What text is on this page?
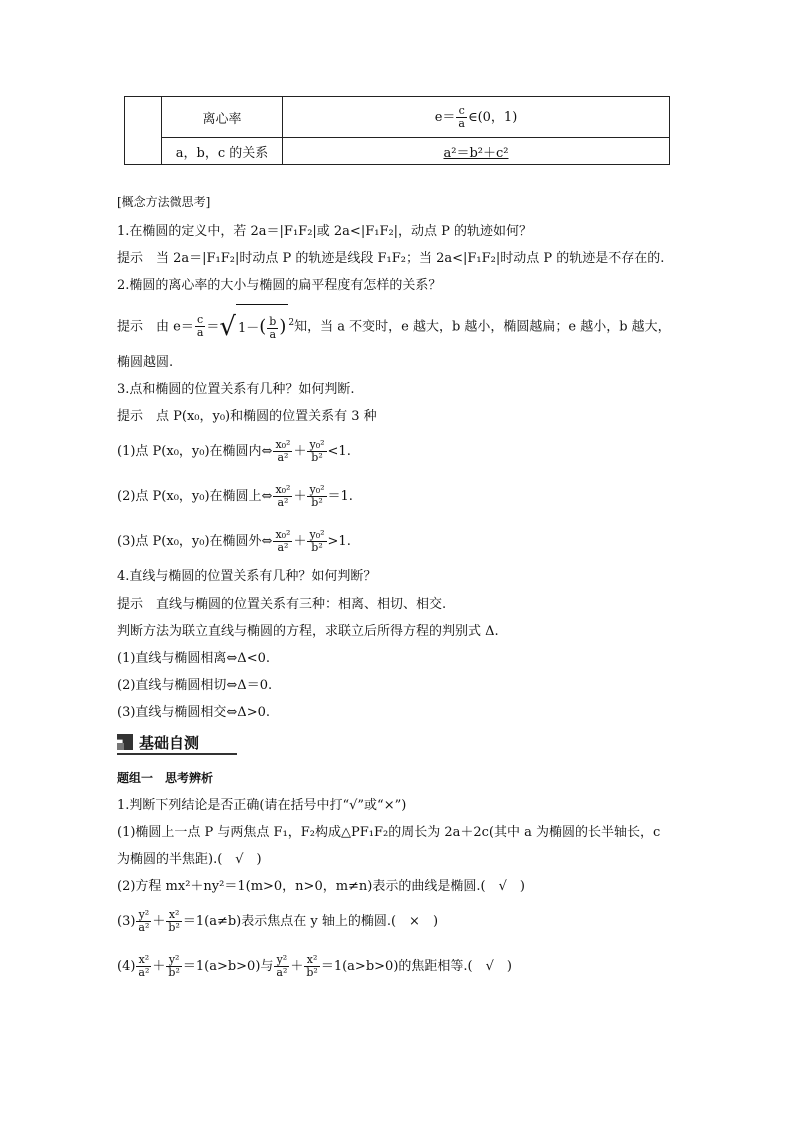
	离心率	$e= \frac{c}{a}$ ∈(0，1)
	a，b，c 的关系	a²＝b²＋c²
[概念方法微思考]
1.在椭圆的定义中，若 2a＝|F₁F₂|或 2a<|F₁F₂|，动点 P 的轨迹如何？
提示　当 2a＝|F₁F₂|时动点 P 的轨迹是线段 F₁F₂；当 2a<|F₁F₂|时动点 P 的轨迹是不存在的.
2.椭圆的离心率的大小与椭圆的扁平程度有怎样的关系？
提示　由 $e= \frac{c}{a}$ ＝√ $1-( \frac{b}{a}$ ) $^2$知，当 a 不变时，e 越大，b 越小，椭圆越扁；e 越小，b 越大，
椭圆越圆.
3.点和椭圆的位置关系有几种？如何判断.
提示　点 P(x₀，y₀)和椭圆的位置关系有 3 种
(1)点 P(x₀，y₀)在椭圆内⇔ $\frac{\text{x₀²}}{\text{a²}} + \frac{\text{y₀²}}{\text{b²}} <1$.
(2)点 P(x₀，y₀)在椭圆上⇔ $\frac{\text{x₀²}}{\text{a²}} + \frac{\text{y₀²}}{\text{b²}} =1$.
(3)点 P(x₀，y₀)在椭圆外⇔ $\frac{\text{x₀²}}{\text{a²}} + \frac{\text{y₀²}}{\text{b²}} >1$.
4.直线与椭圆的位置关系有几种？如何判断？
提示　直线与椭圆的位置关系有三种：相离、相切、相交.
判断方法为联立直线与椭圆的方程，求联立后所得方程的判别式 Δ.
(1)直线与椭圆相离⇔Δ<0.
(2)直线与椭圆相切⇔Δ＝0.
(3)直线与椭圆相交⇔Δ>0.
基础自测
题组一　思考辨析
1.判断下列结论是否正确(请在括号中打“√”或“×”)
(1)椭圆上一点 P 与两焦点 F₁，F₂构成△PF₁F₂的周长为 2a＋2c(其中 a 为椭圆的长半轴长，c
为椭圆的半焦距).(　√　)
(2)方程 mx²＋ny²＝1(m>0，n>0，m≠n)表示的曲线是椭圆.(　√　)
$(3) \frac{\text{y²}}{\text{a²}} + \frac{\text{x²}}{\text{b²}} =1(a\ne b)$表示焦点在 y 轴上的椭圆.(　×　)
$(4) \frac{\text{x²}}{\text{a²}} + \frac{\text{y²}}{\text{b²}} =1(a>b>0)$与 $\frac{\text{y²}}{\text{a²}} + \frac{\text{x²}}{\text{b²}} =1(a>b>0)$的焦距相等.(　√　)
